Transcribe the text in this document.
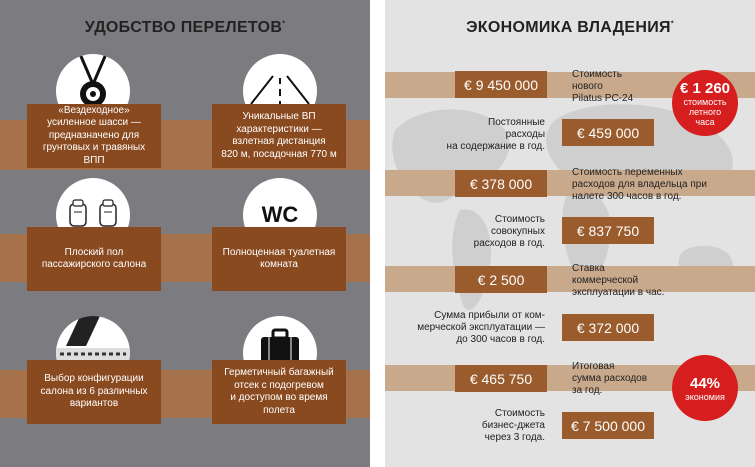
УДОБСТВО ПЕРЕЛЕТОВ*
«Вездеходное»
усиленное шасси —
предназначено для
грунтовых и травяных ВПП
Уникальные ВП
характеристики —
взлетная дистанция
820 м, посадочная 770 м
Плоский пол
пассажирского салона
WC
Полноценная туалетная
комната
Выбор конфигурации
салона из 6 различных
вариантов
Герметичный багажный
отсек с подогревом
и доступом во время полета
ЭКОНОМИКА ВЛАДЕНИЯ*
€ 9 450 000
Стоимость
нового
Pilatus PC-24
Постоянные
расходы
на содержание в год.
€ 459 000
€ 378 000
Стоимость переменных
расходов для владельца при
налете 300 часов в год.
Стоимость
совокупных
расходов в год.
€ 837 750
€ 2 500
Ставка
коммерческой
эксплуатации в час.
Сумма прибыли от ком-
мерческой эксплуатации —
до 300 часов в год.
€ 372 000
€ 465 750
Итоговая
сумма расходов
за год.
Стоимость
бизнес-джета
через 3 года.
€ 7 500 000
€ 1 260
стоимость
летного
часа
44%
экономия
